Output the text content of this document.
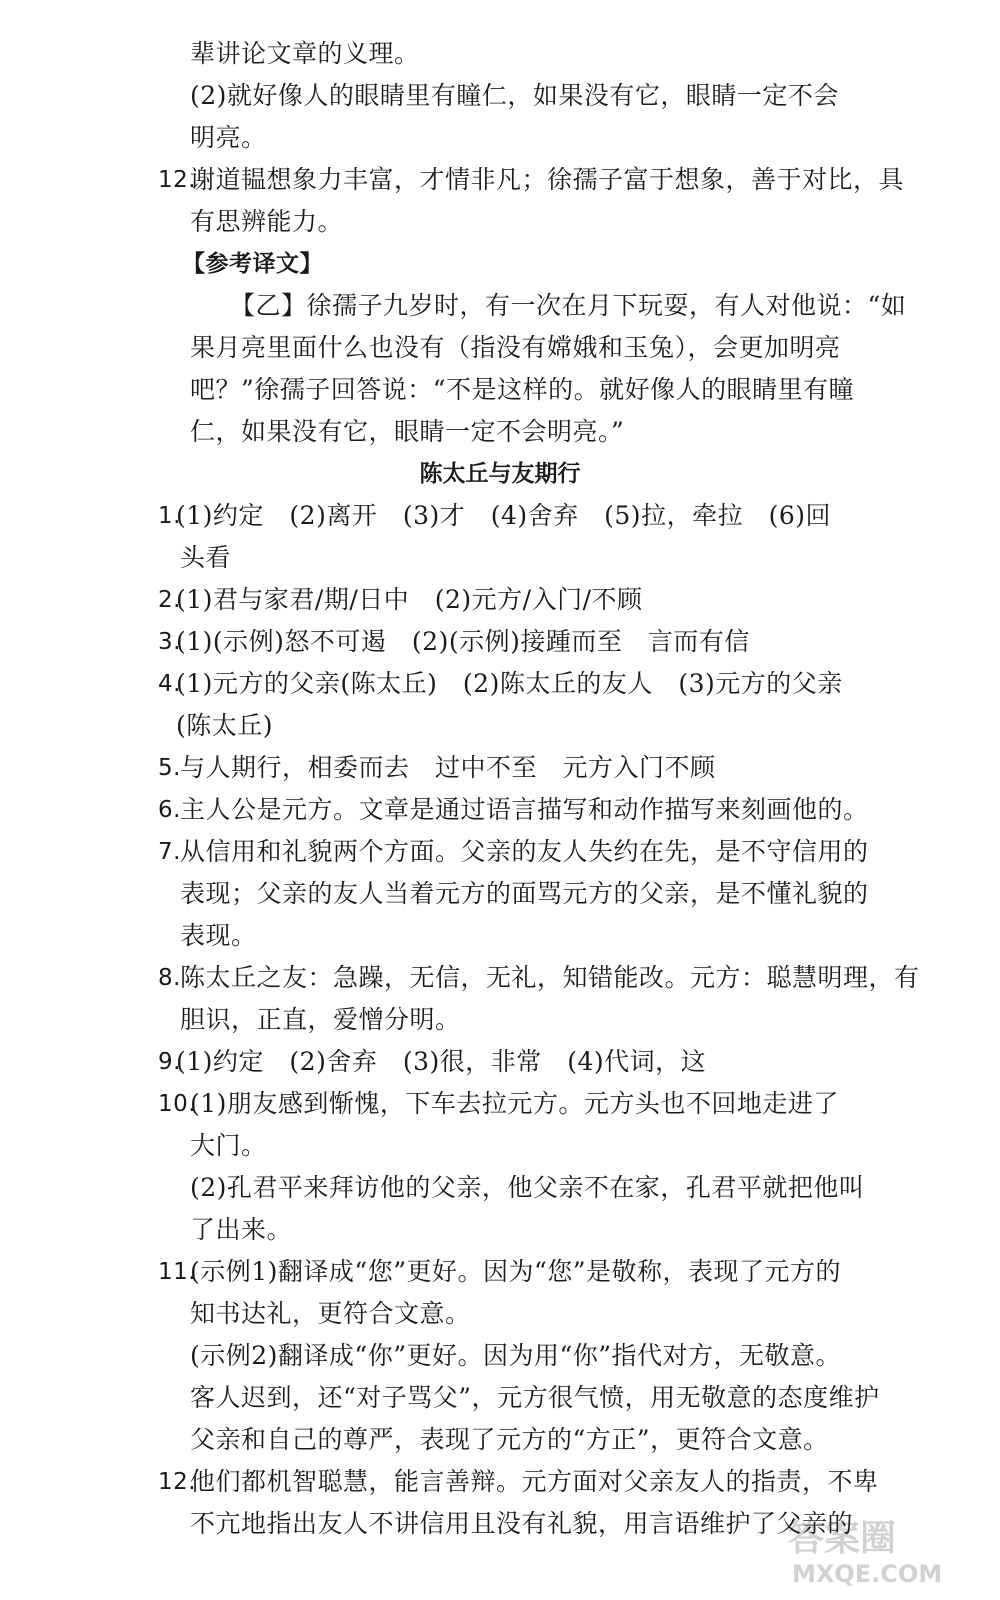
辈讲论文章的义理。
(2)就好像人的眼睛里有瞳仁，如果没有它，眼睛一定不会
明亮。
12.
谢道韫想象力丰富，才情非凡；徐孺子富于想象，善于对比，具
有思辨能力。
【参考译文】
【乙】徐孺子九岁时，有一次在月下玩耍，有人对他说：“如
果月亮里面什么也没有（指没有嫦娥和玉兔），会更加明亮
吧？”徐孺子回答说：“不是这样的。就好像人的眼睛里有瞳
仁，如果没有它，眼睛一定不会明亮。”
陈太丘与友期行
1.
(1)约定　(2)离开　(3)才　(4)舍弃　(5)拉，牵拉　(6)回
头看
2.
(1)君与家君/期/日中　(2)元方/入门/不顾
3.
(1)(示例)怒不可遏　(2)(示例)接踵而至　言而有信
4.
(1)元方的父亲(陈太丘)　(2)陈太丘的友人　(3)元方的父亲
(陈太丘)
5. 与人期行，相委而去　过中不至　元方入门不顾
6. 主人公是元方。文章是通过语言描写和动作描写来刻画他的。
7. 从信用和礼貌两个方面。父亲的友人失约在先，是不守信用的
表现；父亲的友人当着元方的面骂元方的父亲，是不懂礼貌的
表现。
8. 陈太丘之友：急躁，无信，无礼，知错能改。元方：聪慧明理，有
胆识，正直，爱憎分明。
9.
(1)约定　(2)舍弃　(3)很，非常　(4)代词，这
10.
(1)朋友感到惭愧，下车去拉元方。元方头也不回地走进了
大门。
(2)孔君平来拜访他的父亲，他父亲不在家，孔君平就把他叫
了出来。
11.
(示例1)翻译成“您”更好。因为“您”是敬称，表现了元方的
知书达礼，更符合文意。
(示例2)翻译成“你”更好。因为用“你”指代对方，无敬意。
客人迟到，还“对子骂父”，元方很气愤，用无敬意的态度维护
父亲和自己的尊严，表现了元方的“方正”，更符合文意。
12.
他们都机智聪慧，能言善辩。元方面对父亲友人的指责，不卑
不亢地指出友人不讲信用且没有礼貌，用言语维护了父亲的
答案圈
MXQE.COM
